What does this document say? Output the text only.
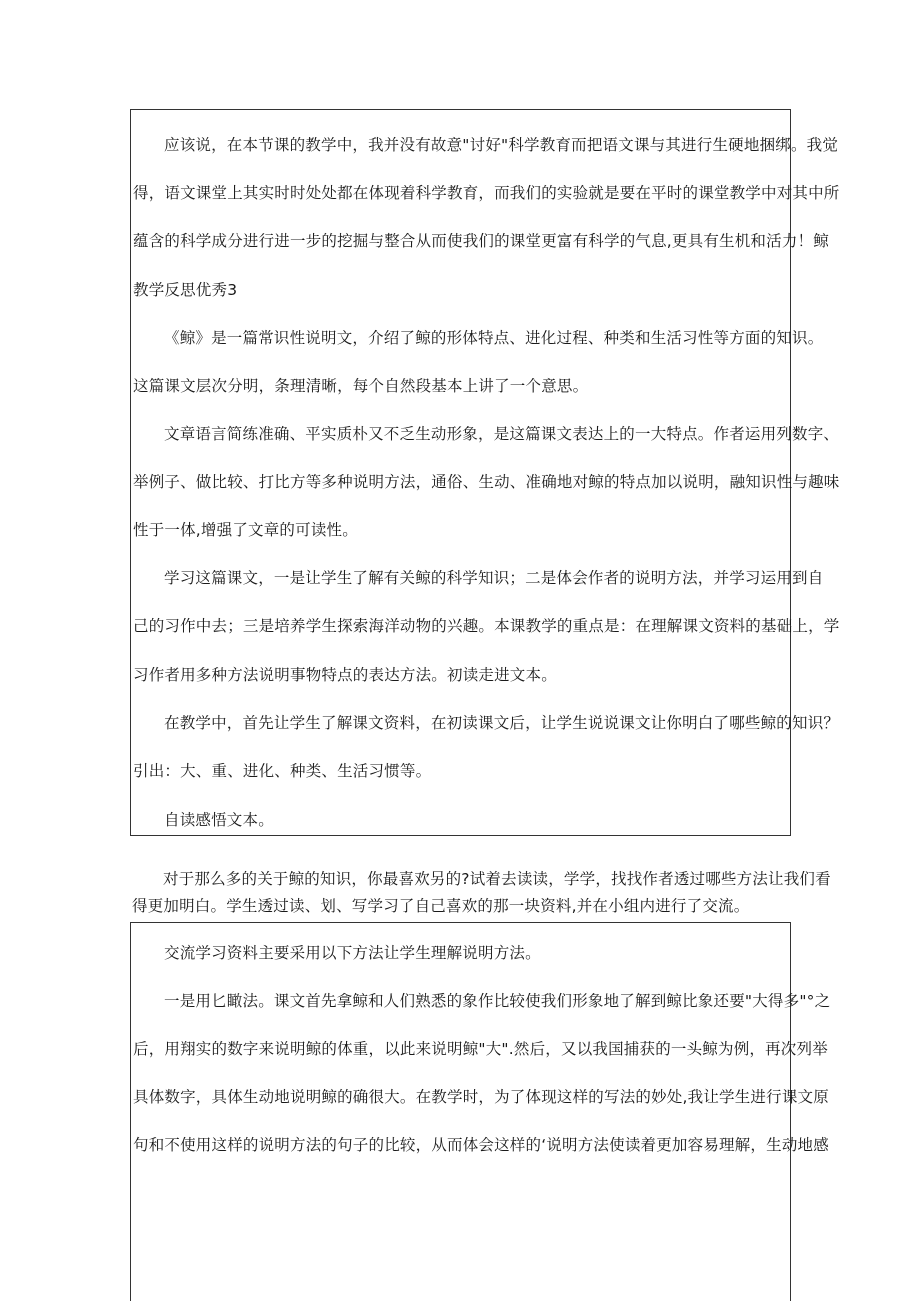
应该说，在本节课的教学中，我并没有故意"讨好"科学教育而把语文课与其进行生硬地捆绑。我觉
得，语文课堂上其实时时处处都在体现着科学教育，而我们的实验就是要在平时的课堂教学中对其中所
蕴含的科学成分进行进一步的挖掘与整合从而使我们的课堂更富有科学的气息,更具有生机和活力！鲸
教学反思优秀3
《鲸》是一篇常识性说明文，介绍了鲸的形体特点、进化过程、种类和生活习性等方面的知识。
这篇课文层次分明，条理清晰，每个自然段基本上讲了一个意思。
文章语言简练准确、平实质朴又不乏生动形象，是这篇课文表达上的一大特点。作者运用列数字、
举例子、做比较、打比方等多种说明方法，通俗、生动、准确地对鲸的特点加以说明，融知识性与趣味
性于一体,增强了文章的可读性。
学习这篇课文，一是让学生了解有关鲸的科学知识；二是体会作者的说明方法，并学习运用到自
己的习作中去；三是培养学生探索海洋动物的兴趣。本课教学的重点是：在理解课文资料的基础上，学
习作者用多种方法说明事物特点的表达方法。初读走进文本。
在教学中，首先让学生了解课文资料，在初读课文后，让学生说说课文让你明白了哪些鲸的知识？
引出：大、重、进化、种类、生活习惯等。
自读感悟文本。
对于那么多的关于鲸的知识，你最喜欢另的?试着去读读，学学，找找作者透过哪些方法让我们看
得更加明白。学生透过读、划、写学习了自己喜欢的那一块资料,并在小组内进行了交流。
交流学习资料主要采用以下方法让学生理解说明方法。
一是用匕瞰法。课文首先拿鲸和人们熟悉的象作比较使我们形象地了解到鲸比象还要"大得多"°之
后，用翔实的数字来说明鲸的体重，以此来说明鲸"大".然后，又以我国捕获的一头鲸为例，再次列举
具体数字，具体生动地说明鲸的确很大。在教学时，为了体现这样的写法的妙处,我让学生进行课文原
句和不使用这样的说明方法的句子的比较，从而体会这样的‘说明方法使读着更加容易理解，生动地感
